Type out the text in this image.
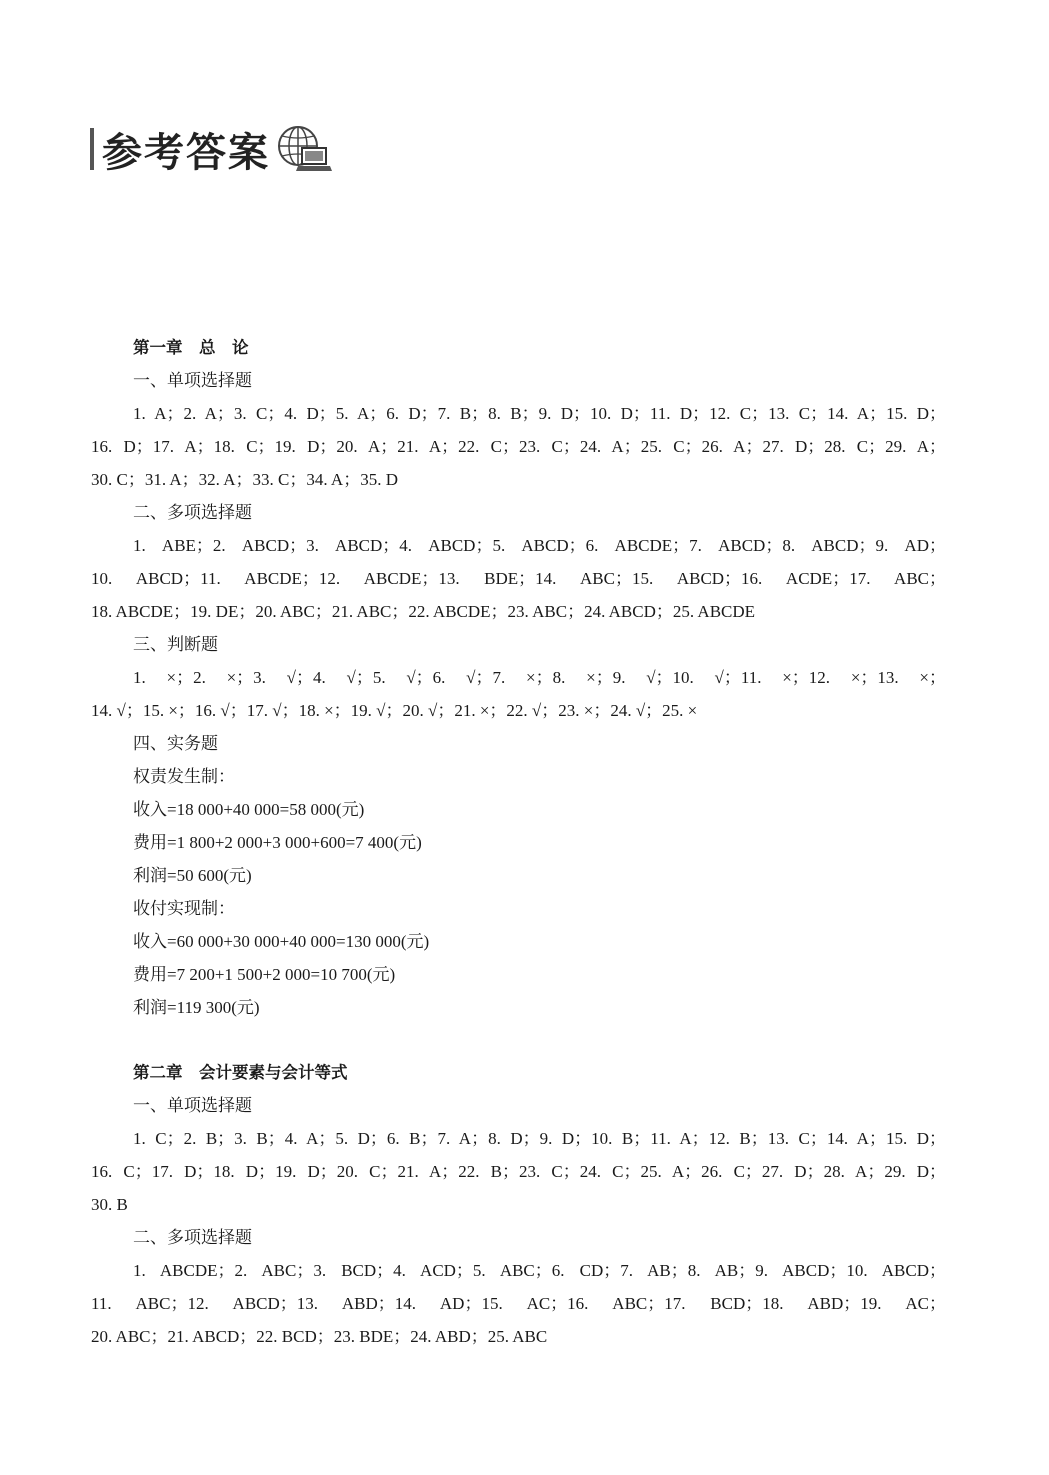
参考答案
第一章　总　论
一、单项选择题
1. A；2. A；3. C；4. D；5. A；6. D；7. B；8. B；9. D；10. D；11. D；12. C；13. C；14. A；15. D；
16. D；17. A；18. C；19. D；20. A；21. A；22. C；23. C；24. A；25. C；26. A；27. D；28. C；29. A；
30. C；31. A；32. A；33. C；34. A；35. D
二、多项选择题
1. ABE；2. ABCD；3. ABCD；4. ABCD；5. ABCD；6. ABCDE；7. ABCD；8. ABCD；9. AD；
10. ABCD；11. ABCDE；12. ABCDE；13. BDE；14. ABC；15. ABCD；16. ACDE；17. ABC；
18. ABCDE；19. DE；20. ABC；21. ABC；22. ABCDE；23. ABC；24. ABCD；25. ABCDE
三、判断题
1. ×；2. ×；3. √；4. √；5. √；6. √；7. ×；8. ×；9. √；10. √；11. ×；12. ×；13. ×；
14. √；15. ×；16. √；17. √；18. ×；19. √；20. √；21. ×；22. √；23. ×；24. √；25. ×
四、实务题
权责发生制：
收入=18 000+40 000=58 000(元)
费用=1 800+2 000+3 000+600=7 400(元)
利润=50 600(元)
收付实现制：
收入=60 000+30 000+40 000=130 000(元)
费用=7 200+1 500+2 000=10 700(元)
利润=119 300(元)
第二章　会计要素与会计等式
一、单项选择题
1. C；2. B；3. B；4. A；5. D；6. B；7. A；8. D；9. D；10. B；11. A；12. B；13. C；14. A；15. D；
16. C；17. D；18. D；19. D；20. C；21. A；22. B；23. C；24. C；25. A；26. C；27. D；28. A；29. D；
30. B
二、多项选择题
1. ABCDE；2. ABC；3. BCD；4. ACD；5. ABC；6. CD；7. AB；8. AB；9. ABCD；10. ABCD；
11. ABC；12. ABCD；13. ABD；14. AD；15. AC；16. ABC；17. BCD；18. ABD；19. AC；
20. ABC；21. ABCD；22. BCD；23. BDE；24. ABD；25. ABC
